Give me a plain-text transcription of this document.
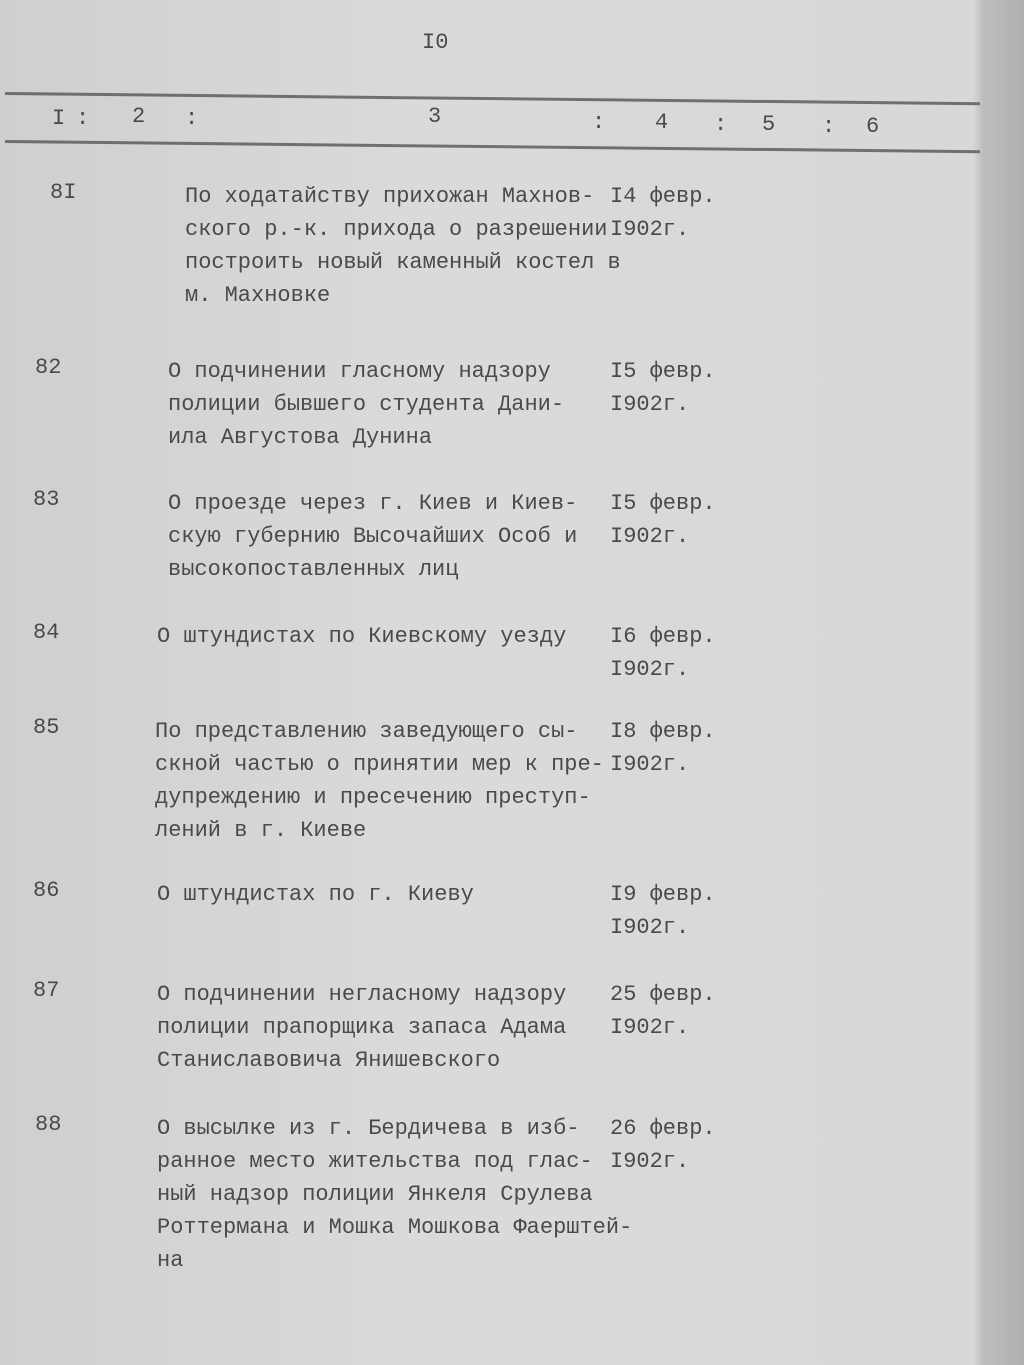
I0
I : 2 :	3	: 4 : 5 : 6
8I	По ходатайству прихожан Махнов-
ского р.-к. прихода о разрешении
построить новый каменный костел в
м. Махновке
I4 февр.
I902г.
82	О подчинении гласному надзору
полиции бывшего студента Дани-
ила Августова Дунина
I5 февр.
I902г.
83	О проезде через г. Киев и Киев-
скую губернию Высочайших Особ и
высокопоставленных лиц
I5 февр.
I902г.
84	О штундистах по Киевскому уезду I6 февр.
I902г.
85	По представлению заведующего сы-
скной частью о принятии мер к пре-
дупреждению и пресечению преступ-
лений в г. Киеве
I8 февр.
I902г.
86	О штундистах по г. Киеву	I9 февр.
I902г.
87	О подчинении негласному надзору
полиции прапорщика запаса Адама
Станиславовича Янишевского
25 февр.
I902г.
88	О высылке из г. Бердичева в изб-
ранное место жительства под глас-
ный надзор полиции Янкеля Срулева
Роттермана и Мошка Мошкова Фаерштей-
на
26 февр.
I902г.
